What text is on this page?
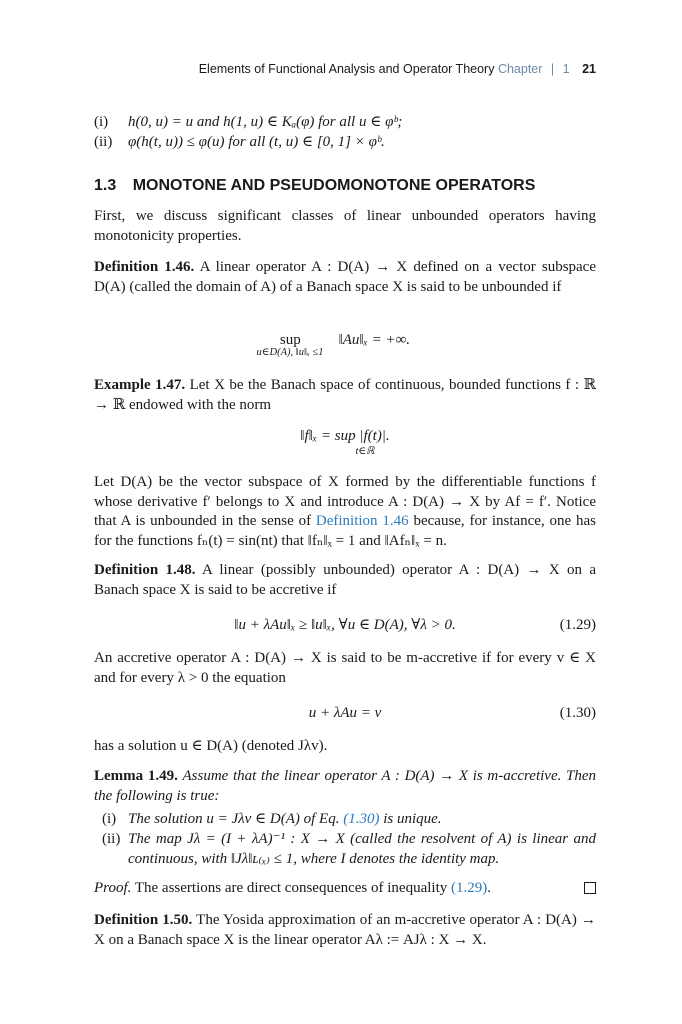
Elements of Functional Analysis and Operator Theory Chapter | 1 21
(i) h(0, u) = u and h(1, u) ∈ Kₐ(φ) for all u ∈ φᵇ;
(ii) φ(h(t, u)) ≤ φ(u) for all (t, u) ∈ [0, 1] × φᵇ.
1.3 MONOTONE AND PSEUDOMONOTONE OPERATORS
First, we discuss significant classes of linear unbounded operators having monotonicity properties.
Definition 1.46. A linear operator A : D(A) → X defined on a vector subspace D(A) (called the domain of A) of a Banach space X is said to be unbounded if
sup	‖Au‖ₓ = +∞.
u∈D(A), ‖u‖ₓ ≤1
Example 1.47. Let X be the Banach space of continuous, bounded functions f : ℝ → ℝ endowed with the norm
‖f‖ₓ = sup |f(t)|.
t∈ℝ
Let D(A) be the vector subspace of X formed by the differentiable functions f whose derivative f′ belongs to X and introduce A : D(A) → X by Af = f′. Notice that A is unbounded in the sense of Definition 1.46 because, for instance, one has for the functions fₙ(t) = sin(nt) that ‖fₙ‖ₓ = 1 and ‖Afₙ‖ₓ = n.
Definition 1.48. A linear (possibly unbounded) operator A : D(A) → X on a Banach space X is said to be accretive if
‖u + λAu‖ₓ ≥ ‖u‖ₓ, ∀u ∈ D(A), ∀λ > 0.	(1.29)
An accretive operator A : D(A) → X is said to be m-accretive if for every v ∈ X and for every λ > 0 the equation
u + λAu = v	(1.30)
has a solution u ∈ D(A) (denoted Jλv).
Lemma 1.49. Assume that the linear operator A : D(A) → X is m-accretive. Then the following is true:
(i) The solution u = Jλv ∈ D(A) of Eq. (1.30) is unique.
(ii) The map Jλ = (I + λA)⁻¹ : X → X (called the resolvent of A) is linear and continuous, with ‖Jλ‖ʟ₍ₓ₎ ≤ 1, where I denotes the identity map.
Proof. The assertions are direct consequences of inequality (1.29).
Definition 1.50. The Yosida approximation of an m-accretive operator A : D(A) → X on a Banach space X is the linear operator Aλ := AJλ : X → X.
